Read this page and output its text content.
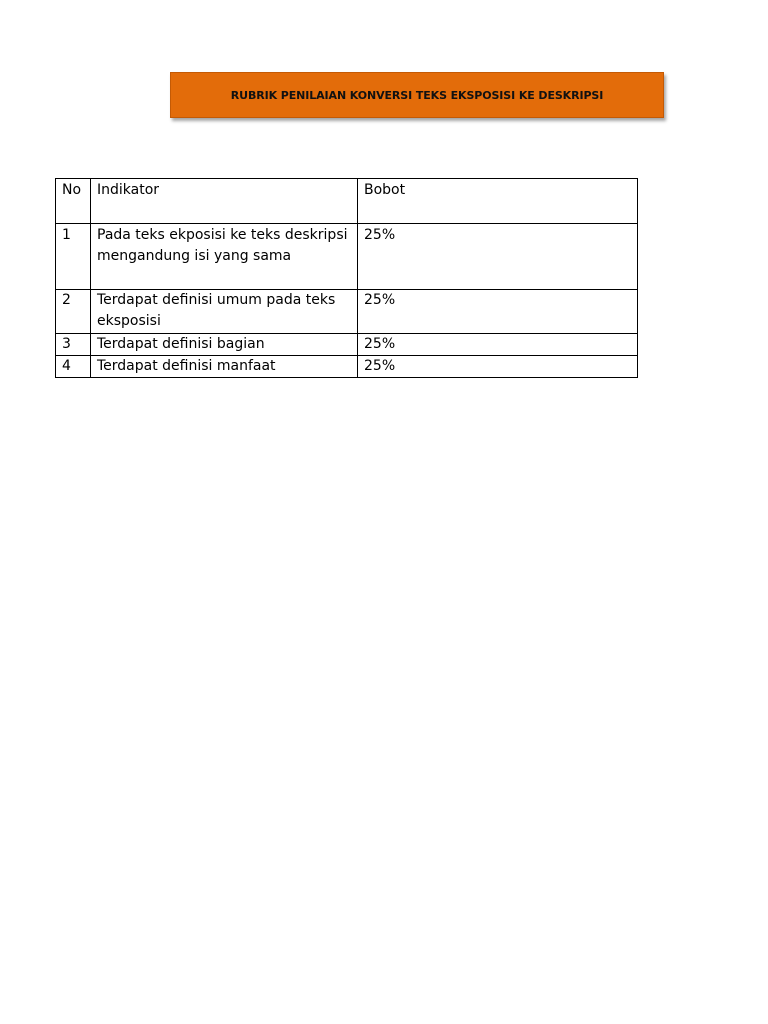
RUBRIK PENILAIAN KONVERSI TEKS EKSPOSISI KE DESKRIPSI
No	Indikator	Bobot
1	Pada teks ekposisi ke teks deskripsi mengandung isi yang sama	25%
2	Terdapat definisi umum pada teks eksposisi	25%
3	Terdapat definisi bagian	25%
4	Terdapat definisi manfaat	25%
